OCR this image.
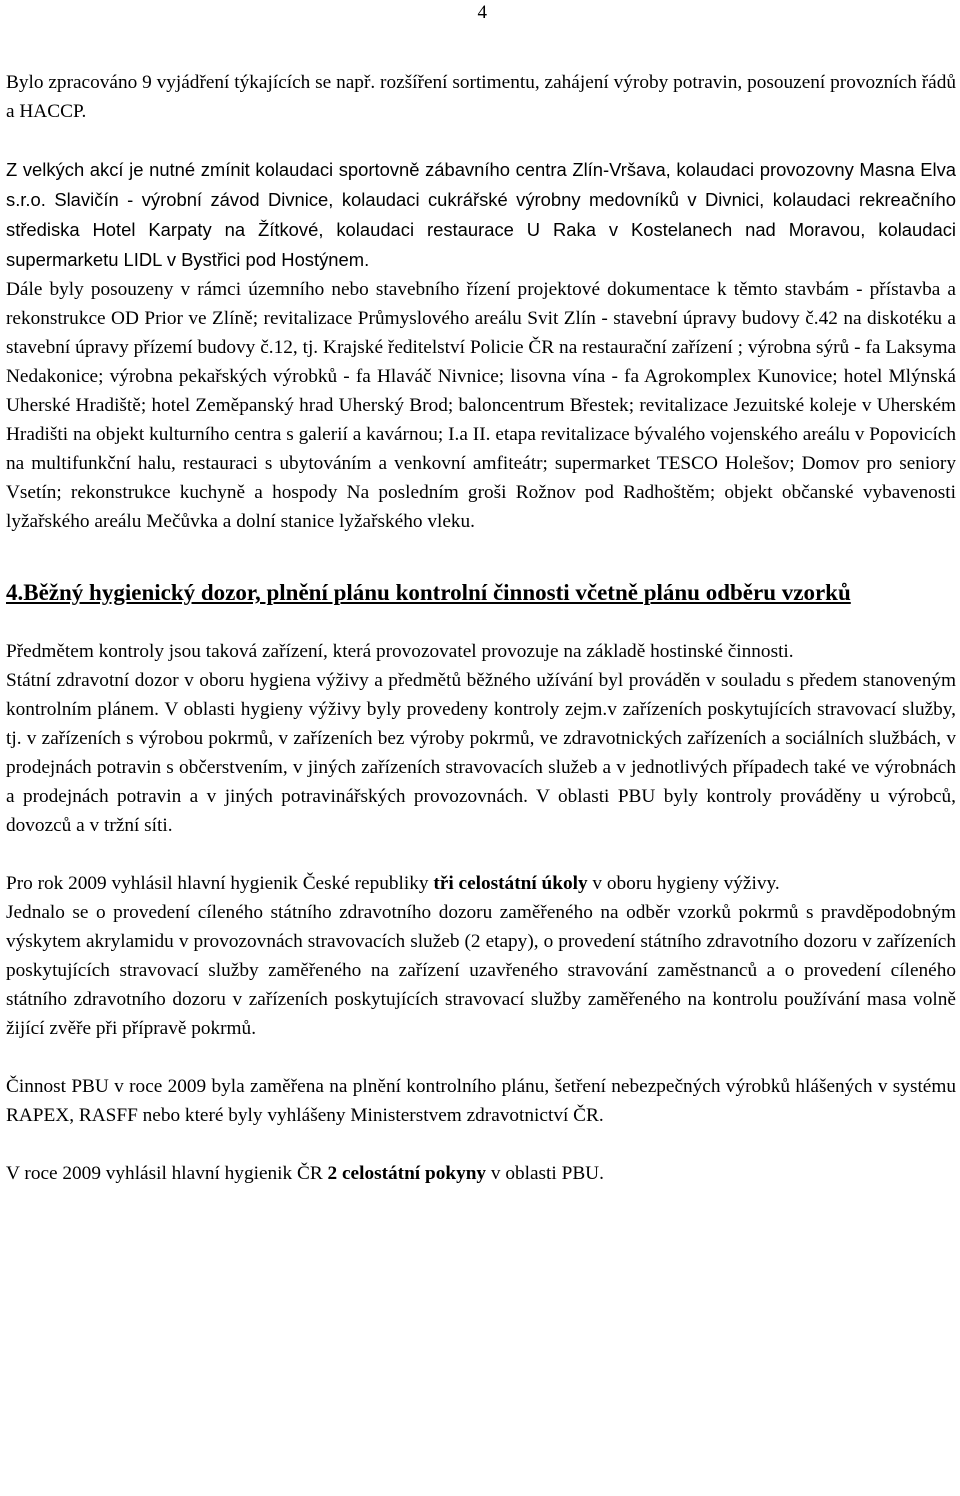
4

Bylo zpracováno 9 vyjádření týkajících se např. rozšíření sortimentu, zahájení výroby potravin, posouzení provozních řádů a HACCP.

Z velkých akcí je nutné zmínit kolaudaci sportovně zábavního centra Zlín-Vršava, kolaudaci provozovny Masna Elva s.r.o. Slavičín - výrobní závod Divnice, kolaudaci cukrářské výrobny medovníků v Divnici, kolaudaci rekreačního střediska Hotel Karpaty na Žítkové, kolaudaci restaurace U Raka v Kostelanech nad Moravou, kolaudaci supermarketu LIDL v Bystřici pod Hostýnem.

Dále byly posouzeny v rámci územního nebo stavebního řízení projektové dokumentace k těmto stavbám - přístavba a rekonstrukce OD Prior ve Zlíně; revitalizace Průmyslového areálu Svit Zlín - stavební úpravy budovy č.42 na diskotéku a stavební úpravy přízemí budovy č.12, tj. Krajské ředitelství Policie ČR na restaurační zařízení ; výrobna sýrů - fa Laksyma Nedakonice; výrobna pekařských výrobků - fa Hlaváč Nivnice; lisovna vína - fa Agrokomplex Kunovice; hotel Mlýnská Uherské Hradiště; hotel Zeměpanský hrad Uherský Brod; baloncentrum Břestek; revitalizace Jezuitské koleje v Uherském Hradišti na objekt kulturního centra s galerií a kavárnou; I.a II. etapa revitalizace bývalého vojenského areálu v Popovicích na multifunkční halu, restauraci s ubytováním a venkovní amfiteátr; supermarket TESCO Holešov; Domov pro seniory Vsetín; rekonstrukce kuchyně a hospody Na posledním groši Rožnov pod Radhoštěm; objekt občanské vybavenosti lyžařského areálu Mečůvka a dolní stanice lyžařského vleku.

4.Běžný hygienický dozor, plnění plánu kontrolní činnosti včetně plánu odběru vzorků

Předmětem kontroly jsou taková zařízení, která provozovatel provozuje na základě hostinské činnosti.

Státní zdravotní dozor v oboru hygiena výživy a předmětů běžného užívání byl prováděn v souladu s předem stanoveným kontrolním plánem. V oblasti hygieny výživy byly provedeny kontroly zejm.v zařízeních poskytujících stravovací služby, tj. v zařízeních s výrobou pokrmů, v zařízeních bez výroby pokrmů, ve zdravotnických zařízeních a sociálních službách, v prodejnách potravin s občerstvením, v jiných zařízeních stravovacích služeb a v jednotlivých případech také ve výrobnách a prodejnách potravin a v jiných potravinářských provozovnách. V oblasti PBU byly kontroly prováděny u výrobců, dovozců a v tržní síti.

Pro rok 2009 vyhlásil hlavní hygienik České republiky tři celostátní úkoly v oboru hygieny výživy.

Jednalo se o provedení cíleného státního zdravotního dozoru zaměřeného na odběr vzorků pokrmů s pravděpodobným výskytem akrylamidu v provozovnách stravovacích služeb (2 etapy), o provedení státního zdravotního dozoru v zařízeních poskytujících stravovací služby zaměřeného na zařízení uzavřeného stravování zaměstnanců a o provedení cíleného státního zdravotního dozoru v zařízeních poskytujících stravovací služby zaměřeného na kontrolu používání masa volně žijící zvěře při přípravě pokrmů.

Činnost PBU v roce 2009 byla zaměřena na plnění kontrolního plánu, šetření nebezpečných výrobků hlášených v systému RAPEX, RASFF nebo které byly vyhlášeny Ministerstvem zdravotnictví ČR.

V roce 2009 vyhlásil hlavní hygienik ČR 2 celostátní pokyny v oblasti PBU.
